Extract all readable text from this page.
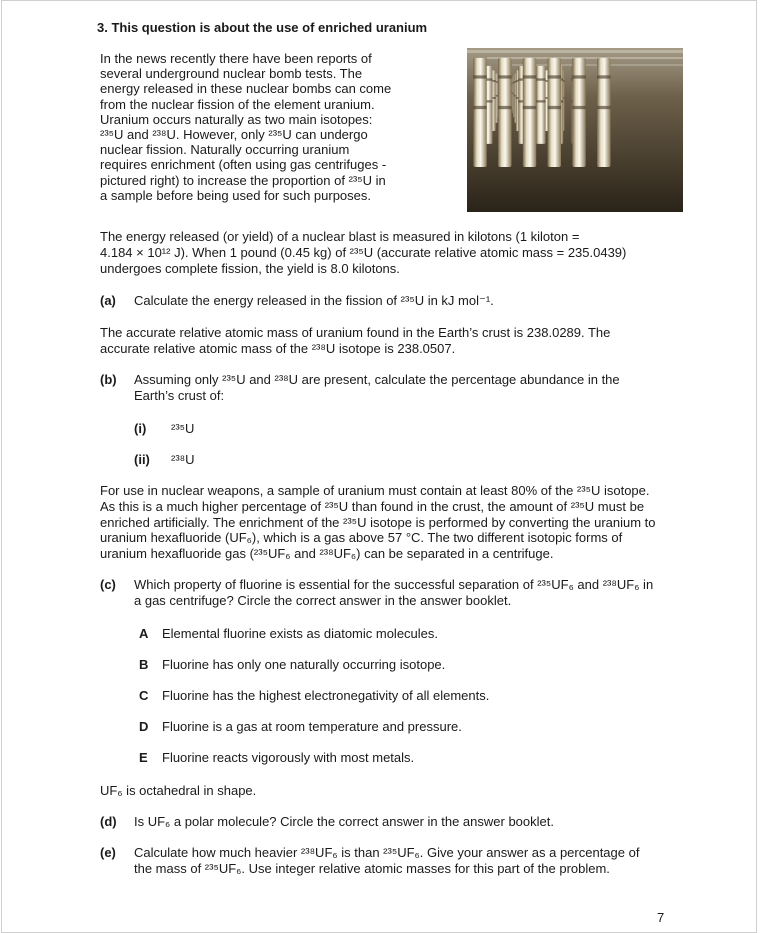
3. This question is about the use of enriched uranium
In the news recently there have been reports of
several underground nuclear bomb tests. The
energy released in these nuclear bombs can come
from the nuclear fission of the element uranium.
Uranium occurs naturally as two main isotopes:
²³⁵U and ²³⁸U. However, only ²³⁵U can undergo
nuclear fission. Naturally occurring uranium
requires enrichment (often using gas centrifuges -
pictured right) to increase the proportion of ²³⁵U in
a sample before being used for such purposes.
The energy released (or yield) of a nuclear blast is measured in kilotons (1 kiloton =
4.184 × 10¹² J). When 1 pound (0.45 kg) of ²³⁵U (accurate relative atomic mass = 235.0439)
undergoes complete fission, the yield is 8.0 kilotons.
(a) Calculate the energy released in the fission of ²³⁵U in kJ mol⁻¹.
The accurate relative atomic mass of uranium found in the Earth’s crust is 238.0289. The
accurate relative atomic mass of the ²³⁸U isotope is 238.0507.
(b) Assuming only ²³⁵U and ²³⁸U are present, calculate the percentage abundance in the
Earth’s crust of:
(i) ²³⁵U
(ii) ²³⁸U
For use in nuclear weapons, a sample of uranium must contain at least 80% of the ²³⁵U isotope.
As this is a much higher percentage of ²³⁵U than found in the crust, the amount of ²³⁵U must be
enriched artificially. The enrichment of the ²³⁵U isotope is performed by converting the uranium to
uranium hexafluoride (UF₆), which is a gas above 57 °C. The two different isotopic forms of
uranium hexafluoride gas (²³⁵UF₆ and ²³⁸UF₆) can be separated in a centrifuge.
(c) Which property of fluorine is essential for the successful separation of ²³⁵UF₆ and ²³⁸UF₆ in
a gas centrifuge? Circle the correct answer in the answer booklet.
A Elemental fluorine exists as diatomic molecules.
B Fluorine has only one naturally occurring isotope.
C Fluorine has the highest electronegativity of all elements.
D Fluorine is a gas at room temperature and pressure.
E Fluorine reacts vigorously with most metals.
UF₆ is octahedral in shape.
(d) Is UF₆ a polar molecule? Circle the correct answer in the answer booklet.
(e) Calculate how much heavier ²³⁸UF₆ is than ²³⁵UF₆. Give your answer as a percentage of
the mass of ²³⁵UF₆. Use integer relative atomic masses for this part of the problem.
7
